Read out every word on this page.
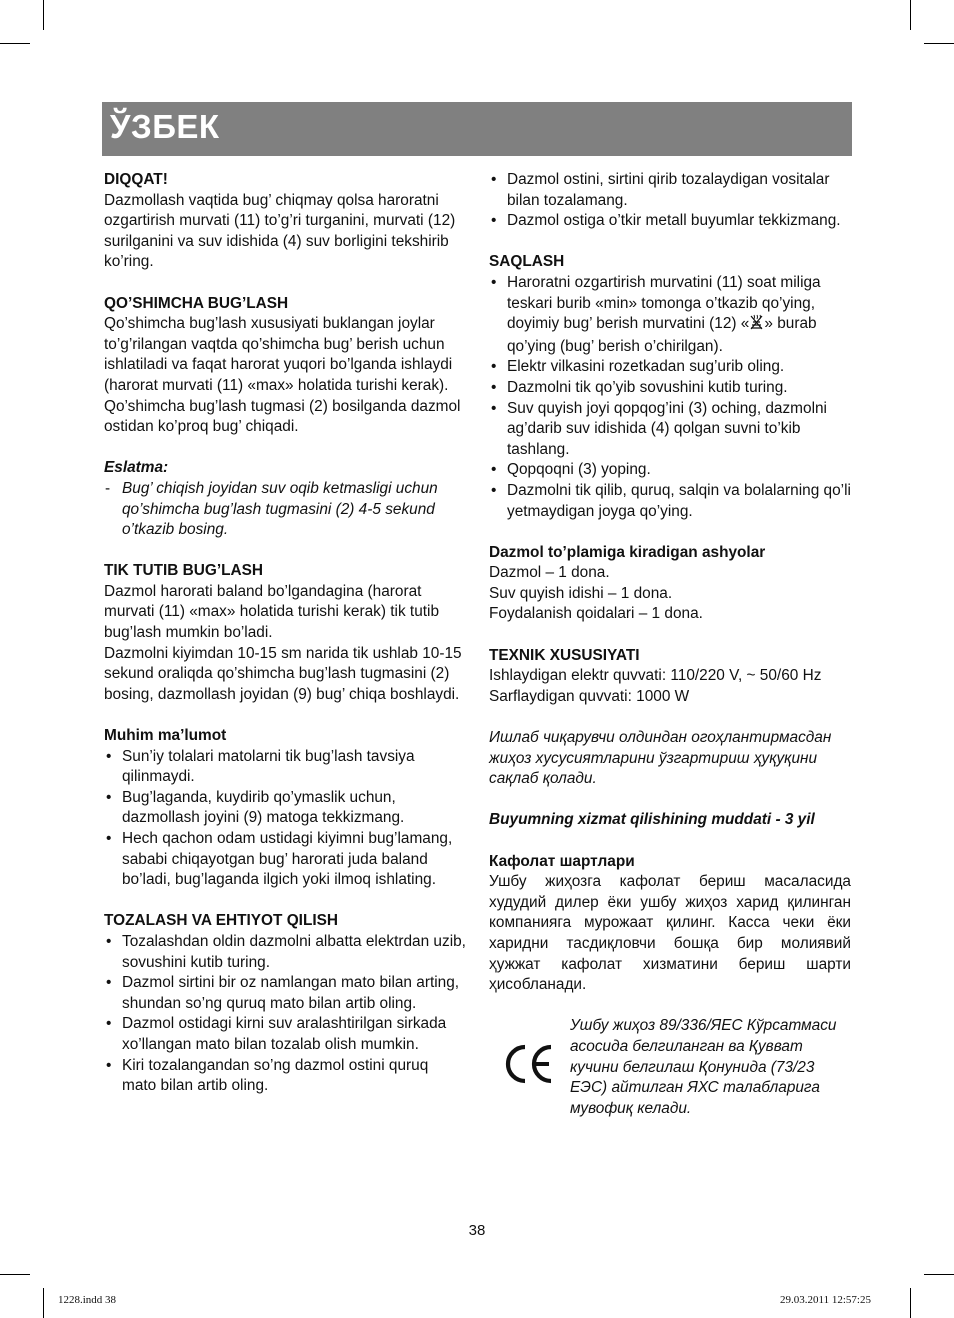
ЎЗБЕК

DIQQAT!

Dazmollash vaqtida bug’ chiqmay qolsa haroratni ozgartirish murvati (11) to’g’ri turganini, murvati (12) surilganini va suv idishida (4) suv borligini tekshirib ko’ring.

QO’SHIMCHA BUG’LASH

Qo’shimcha bug’lash xususiyati buklangan joylar to’g’rilangan vaqtda qo’shimcha bug’ berish uchun ishlatiladi va faqat harorat yuqori bo’lganda ishlaydi (harorat murvati (11) «max» holatida turishi kerak).

Qo’shimcha bug’lash tugmasi (2) bosilganda dazmol ostidan ko’proq bug’ chiqadi.

Eslatma:

- Bug’ chiqish joyidan suv oqib ketmasligi uchun qo’shimcha bug’lash tugmasini (2) 4-5 sekund o’tkazib bosing.

TIK TUTIB BUG’LASH

Dazmol harorati baland bo’lgandagina (harorat murvati (11) «max» holatida turishi kerak) tik tutib bug’lash mumkin bo’ladi.

Dazmolni kiyimdan 10-15 sm narida tik ushlab 10-15 sekund oraliqda qo’shimcha bug’lash tugmasini (2) bosing, dazmollash joyidan (9) bug’ chiqa boshlaydi.

Muhim ma’lumot

• Sun’iy tolalari matolarni tik bug’lash tavsiya qilinmaydi.
• Bug’laganda, kuydirib qo’ymaslik uchun, dazmollash joyini (9) matoga tekkizmang.
• Hech qachon odam ustidagi kiyimni bug’lamang, sababi chiqayotgan bug’ harorati juda baland bo’ladi, bug’laganda ilgich yoki ilmoq ishlating.

TOZALASH VA EHTIYOT QILISH

• Tozalashdan oldin dazmolni albatta elektrdan uzib, sovushini kutib turing.
• Dazmol sirtini bir oz namlangan mato bilan arting, shundan so’ng quruq mato bilan artib oling.
• Dazmol ostidagi kirni suv aralashtirilgan sirkada xo’llangan mato bilan tozalab olish mumkin.
• Kiri tozalangandan so’ng dazmol ostini quruq mato bilan artib oling.
• Dazmol ostini, sirtini qirib tozalaydigan vositalar bilan tozalamang.
• Dazmol ostiga o’tkir metall buyumlar tekkizmang.

SAQLASH

• Haroratni ozgartirish murvatini (11) soat miliga teskari burib «min» tomonga o’tkazib qo’ying, doyimiy bug’ berish murvatini (12) « » burab qo’ying (bug’ berish o’chirilgan).
• Elektr vilkasini rozetkadan sug’urib oling.
• Dazmolni tik qo’yib sovushini kutib turing.
• Suv quyish joyi qopqog’ini (3) oching, dazmolni ag’darib suv idishida (4) qolgan suvni to’kib tashlang.
• Qopqoqni (3) yoping.
• Dazmolni tik qilib, quruq, salqin va bolalarning qo’li yetmaydigan joyga qo’ying.

Dazmol to’plamiga kiradigan ashyolar

Dazmol – 1 dona.

Suv quyish idishi – 1 dona.

Foydalanish qoidalari – 1 dona.

TEXNIK XUSUSIYATI

Ishlaydigan elektr quvvati: 110/220 V, ~ 50/60 Hz

Sarflaydigan quvvati: 1000 W

Ишлаб чиқарувчи олдиндан огоҳлантирмасдан жиҳоз хусусиятларини ўзгартириш ҳуқуқини сақлаб қолади.

Buyumning xizmat qilishining muddati - 3 yil

Кафолат шартлари

Ушбу жиҳозга кафолат бериш масаласида худудий дилер ёки ушбу жиҳоз харид қилинган компанияга мурожаат қилинг. Касса чеки ёки харидни тасдиқловчи бошқа бир молиявий ҳужжат кафолат хизматини бериш шарти ҳисобланади.

Ушбу жиҳоз 89/336/ЯЕС Кўрсатмаси асосида белгиланган ва Қувват кучини белгилаш Қонунида (73/23 ЕЭС) айтилган ЯХС талабларига мувофиқ келади.

38
1228.indd 38	29.03.2011 12:57:25
